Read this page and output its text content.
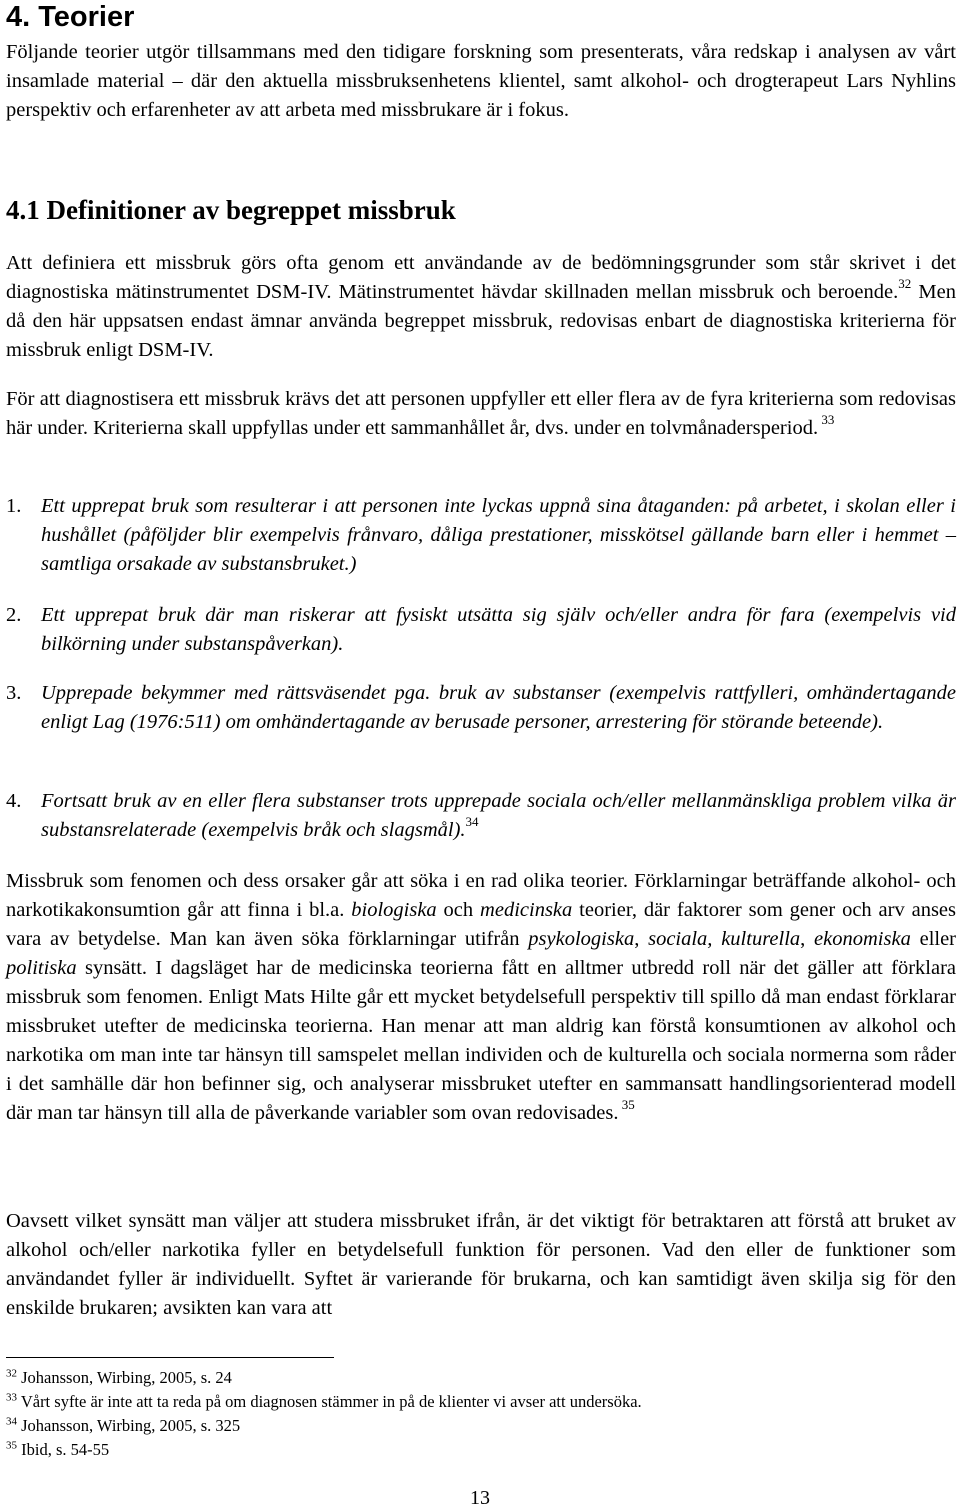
4. Teorier

Följande teorier utgör tillsammans med den tidigare forskning som presenterats, våra redskap i analysen av vårt insamlade material – där den aktuella missbruksenhetens klientel, samt alkohol- och drogterapeut Lars Nyhlins perspektiv och erfarenheter av att arbeta med missbrukare är i fokus.

4.1 Definitioner av begreppet missbruk

Att definiera ett missbruk görs ofta genom ett användande av de bedömningsgrunder som står skrivet i det diagnostiska mätinstrumentet DSM-IV. Mätinstrumentet hävdar skillnaden mellan missbruk och beroende.$^{32}$ Men då den här uppsatsen endast ämnar använda begreppet missbruk, redovisas enbart de diagnostiska kriterierna för missbruk enligt DSM-IV.

För att diagnostisera ett missbruk krävs det att personen uppfyller ett eller flera av de fyra kriterierna som redovisas här under. Kriterierna skall uppfyllas under ett sammanhållet år, dvs. under en tolvmånadersperiod. $^{33}$

1. Ett upprepat bruk som resulterar i att personen inte lyckas uppnå sina åtaganden: på arbetet, i skolan eller i hushållet (påföljder blir exempelvis frånvaro, dåliga prestationer, misskötsel gällande barn eller i hemmet – samtliga orsakade av substansbruket.)
2. Ett upprepat bruk där man riskerar att fysiskt utsätta sig själv och/eller andra för fara (exempelvis vid bilkörning under substanspåverkan).
3. Upprepade bekymmer med rättsväsendet pga. bruk av substanser (exempelvis rattfylleri, omhändertagande enligt Lag (1976:511) om omhändertagande av berusade personer, arrestering för störande beteende).
4. Fortsatt bruk av en eller flera substanser trots upprepade sociala och/eller mellanmänskliga problem vilka är substansrelaterade (exempelvis bråk och slagsmål).$^{34}$

Missbruk som fenomen och dess orsaker går att söka i en rad olika teorier. Förklarningar beträffande alkohol- och narkotikakonsumtion går att finna i bl.a. biologiska och medicinska teorier, där faktorer som gener och arv anses vara av betydelse. Man kan även söka förklarningar utifrån psykologiska, sociala, kulturella, ekonomiska eller politiska synsätt. I dagsläget har de medicinska teorierna fått en alltmer utbredd roll när det gäller att förklara missbruk som fenomen. Enligt Mats Hilte går ett mycket betydelsefull perspektiv till spillo då man endast förklarar missbruket utefter de medicinska teorierna. Han menar att man aldrig kan förstå konsumtionen av alkohol och narkotika om man inte tar hänsyn till samspelet mellan individen och de kulturella och sociala normerna som råder i det samhälle där hon befinner sig, och analyserar missbruket utefter en sammansatt handlingsorienterad modell där man tar hänsyn till alla de påverkande variabler som ovan redovisades. $^{35}$

Oavsett vilket synsätt man väljer att studera missbruket ifrån, är det viktigt för betraktaren att förstå att bruket av alkohol och/eller narkotika fyller en betydelsefull funktion för personen. Vad den eller de funktioner som användandet fyller är individuellt. Syftet är varierande för brukarna, och kan samtidigt även skilja sig för den enskilde brukaren; avsikten kan vara att

$^{32}$ Johansson, Wirbing, 2005, s. 24

$^{33}$ Vårt syfte är inte att ta reda på om diagnosen stämmer in på de klienter vi avser att undersöka.

$^{34}$ Johansson, Wirbing, 2005, s. 325

$^{35}$ Ibid, s. 54-55

13
